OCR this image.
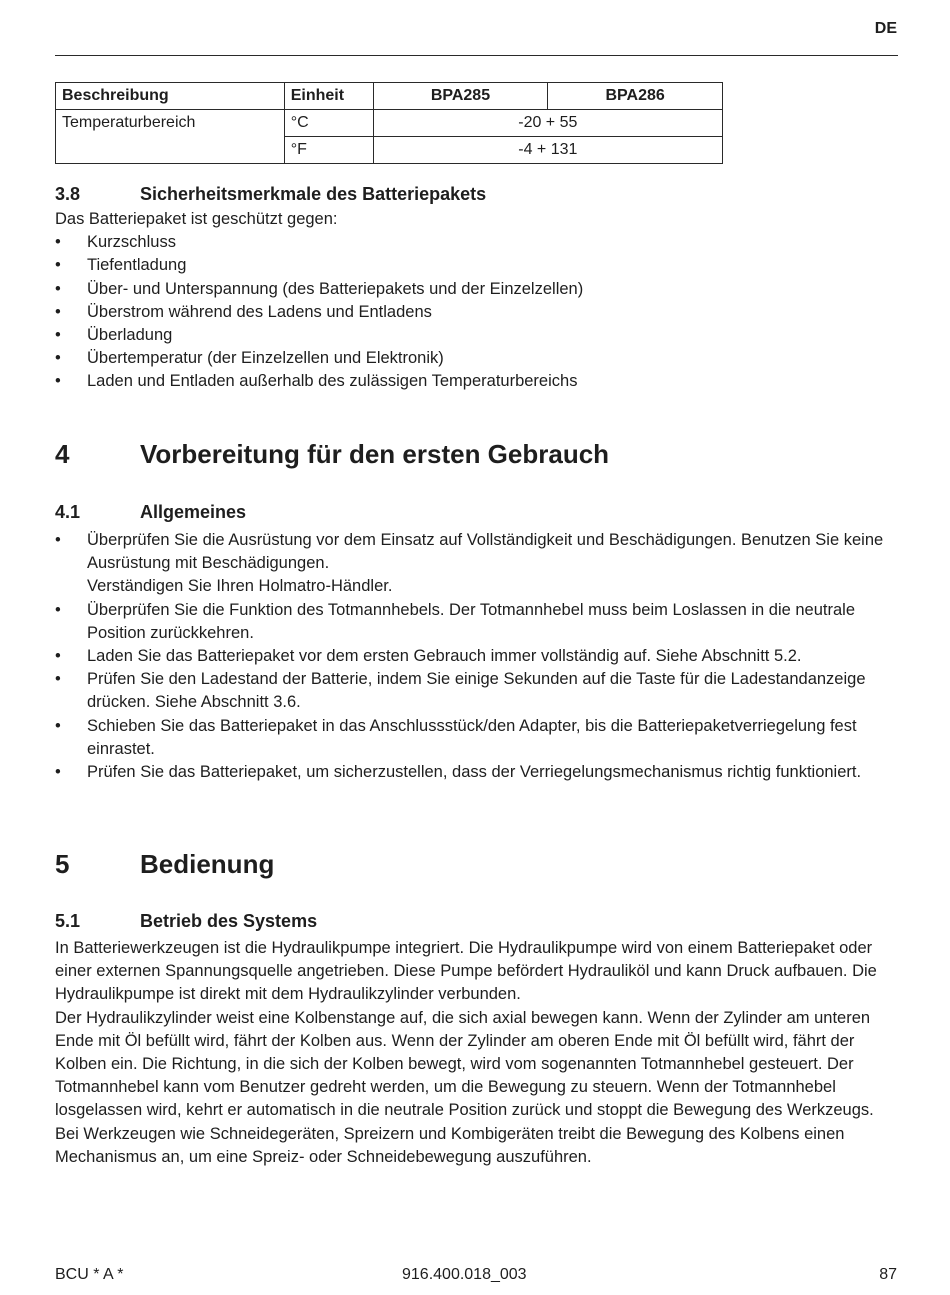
DE
Beschreibung	Einheit	BPA285	BPA286
Temperaturbereich	°C	-20 + 55	
	°F	-4 + 131	
3.8	Sicherheitsmerkmale des Batteriepakets
Das Batteriepaket ist geschützt gegen:
• Kurzschluss
• Tiefentladung
• Über- und Unterspannung (des Batteriepakets und der Einzelzellen)
• Überstrom während des Ladens und Entladens
• Überladung
• Übertemperatur (der Einzelzellen und Elektronik)
• Laden und Entladen außerhalb des zulässigen Temperaturbereichs
4	Vorbereitung für den ersten Gebrauch
4.1	Allgemeines
• Überprüfen Sie die Ausrüstung vor dem Einsatz auf Vollständigkeit und Beschädigungen. Benutzen Sie keine Ausrüstung mit Beschädigungen.
Verständigen Sie Ihren Holmatro-Händler.
• Überprüfen Sie die Funktion des Totmannhebels. Der Totmannhebel muss beim Loslassen in die neutrale Position zurückkehren.
• Laden Sie das Batteriepaket vor dem ersten Gebrauch immer vollständig auf. Siehe Abschnitt 5.2.
• Prüfen Sie den Ladestand der Batterie, indem Sie einige Sekunden auf die Taste für die Ladestandanzeige drücken. Siehe Abschnitt 3.6.
• Schieben Sie das Batteriepaket in das Anschlussstück/den Adapter, bis die Batteriepaketverriegelung fest einrastet.
• Prüfen Sie das Batteriepaket, um sicherzustellen, dass der Verriegelungsmechanismus richtig funktioniert.
5	Bedienung
5.1	Betrieb des Systems
In Batteriewerkzeugen ist die Hydraulikpumpe integriert. Die Hydraulikpumpe wird von einem Batteriepaket oder einer externen Spannungsquelle angetrieben. Diese Pumpe befördert Hydrauliköl und kann Druck aufbauen. Die Hydraulikpumpe ist direkt mit dem Hydraulikzylinder verbunden.
Der Hydraulikzylinder weist eine Kolbenstange auf, die sich axial bewegen kann. Wenn der Zylinder am unteren Ende mit Öl befüllt wird, fährt der Kolben aus. Wenn der Zylinder am oberen Ende mit Öl befüllt wird, fährt der Kolben ein. Die Richtung, in die sich der Kolben bewegt, wird vom sogenannten Totmannhebel gesteuert. Der Totmannhebel kann vom Benutzer gedreht werden, um die Bewegung zu steuern. Wenn der Totmannhebel losgelassen wird, kehrt er automatisch in die neutrale Position zurück und stoppt die Bewegung des Werkzeugs.
Bei Werkzeugen wie Schneidegeräten, Spreizern und Kombigeräten treibt die Bewegung des Kolbens einen Mechanismus an, um eine Spreiz- oder Schneidebewegung auszuführen.
BCU * A *	916.400.018_003	87
